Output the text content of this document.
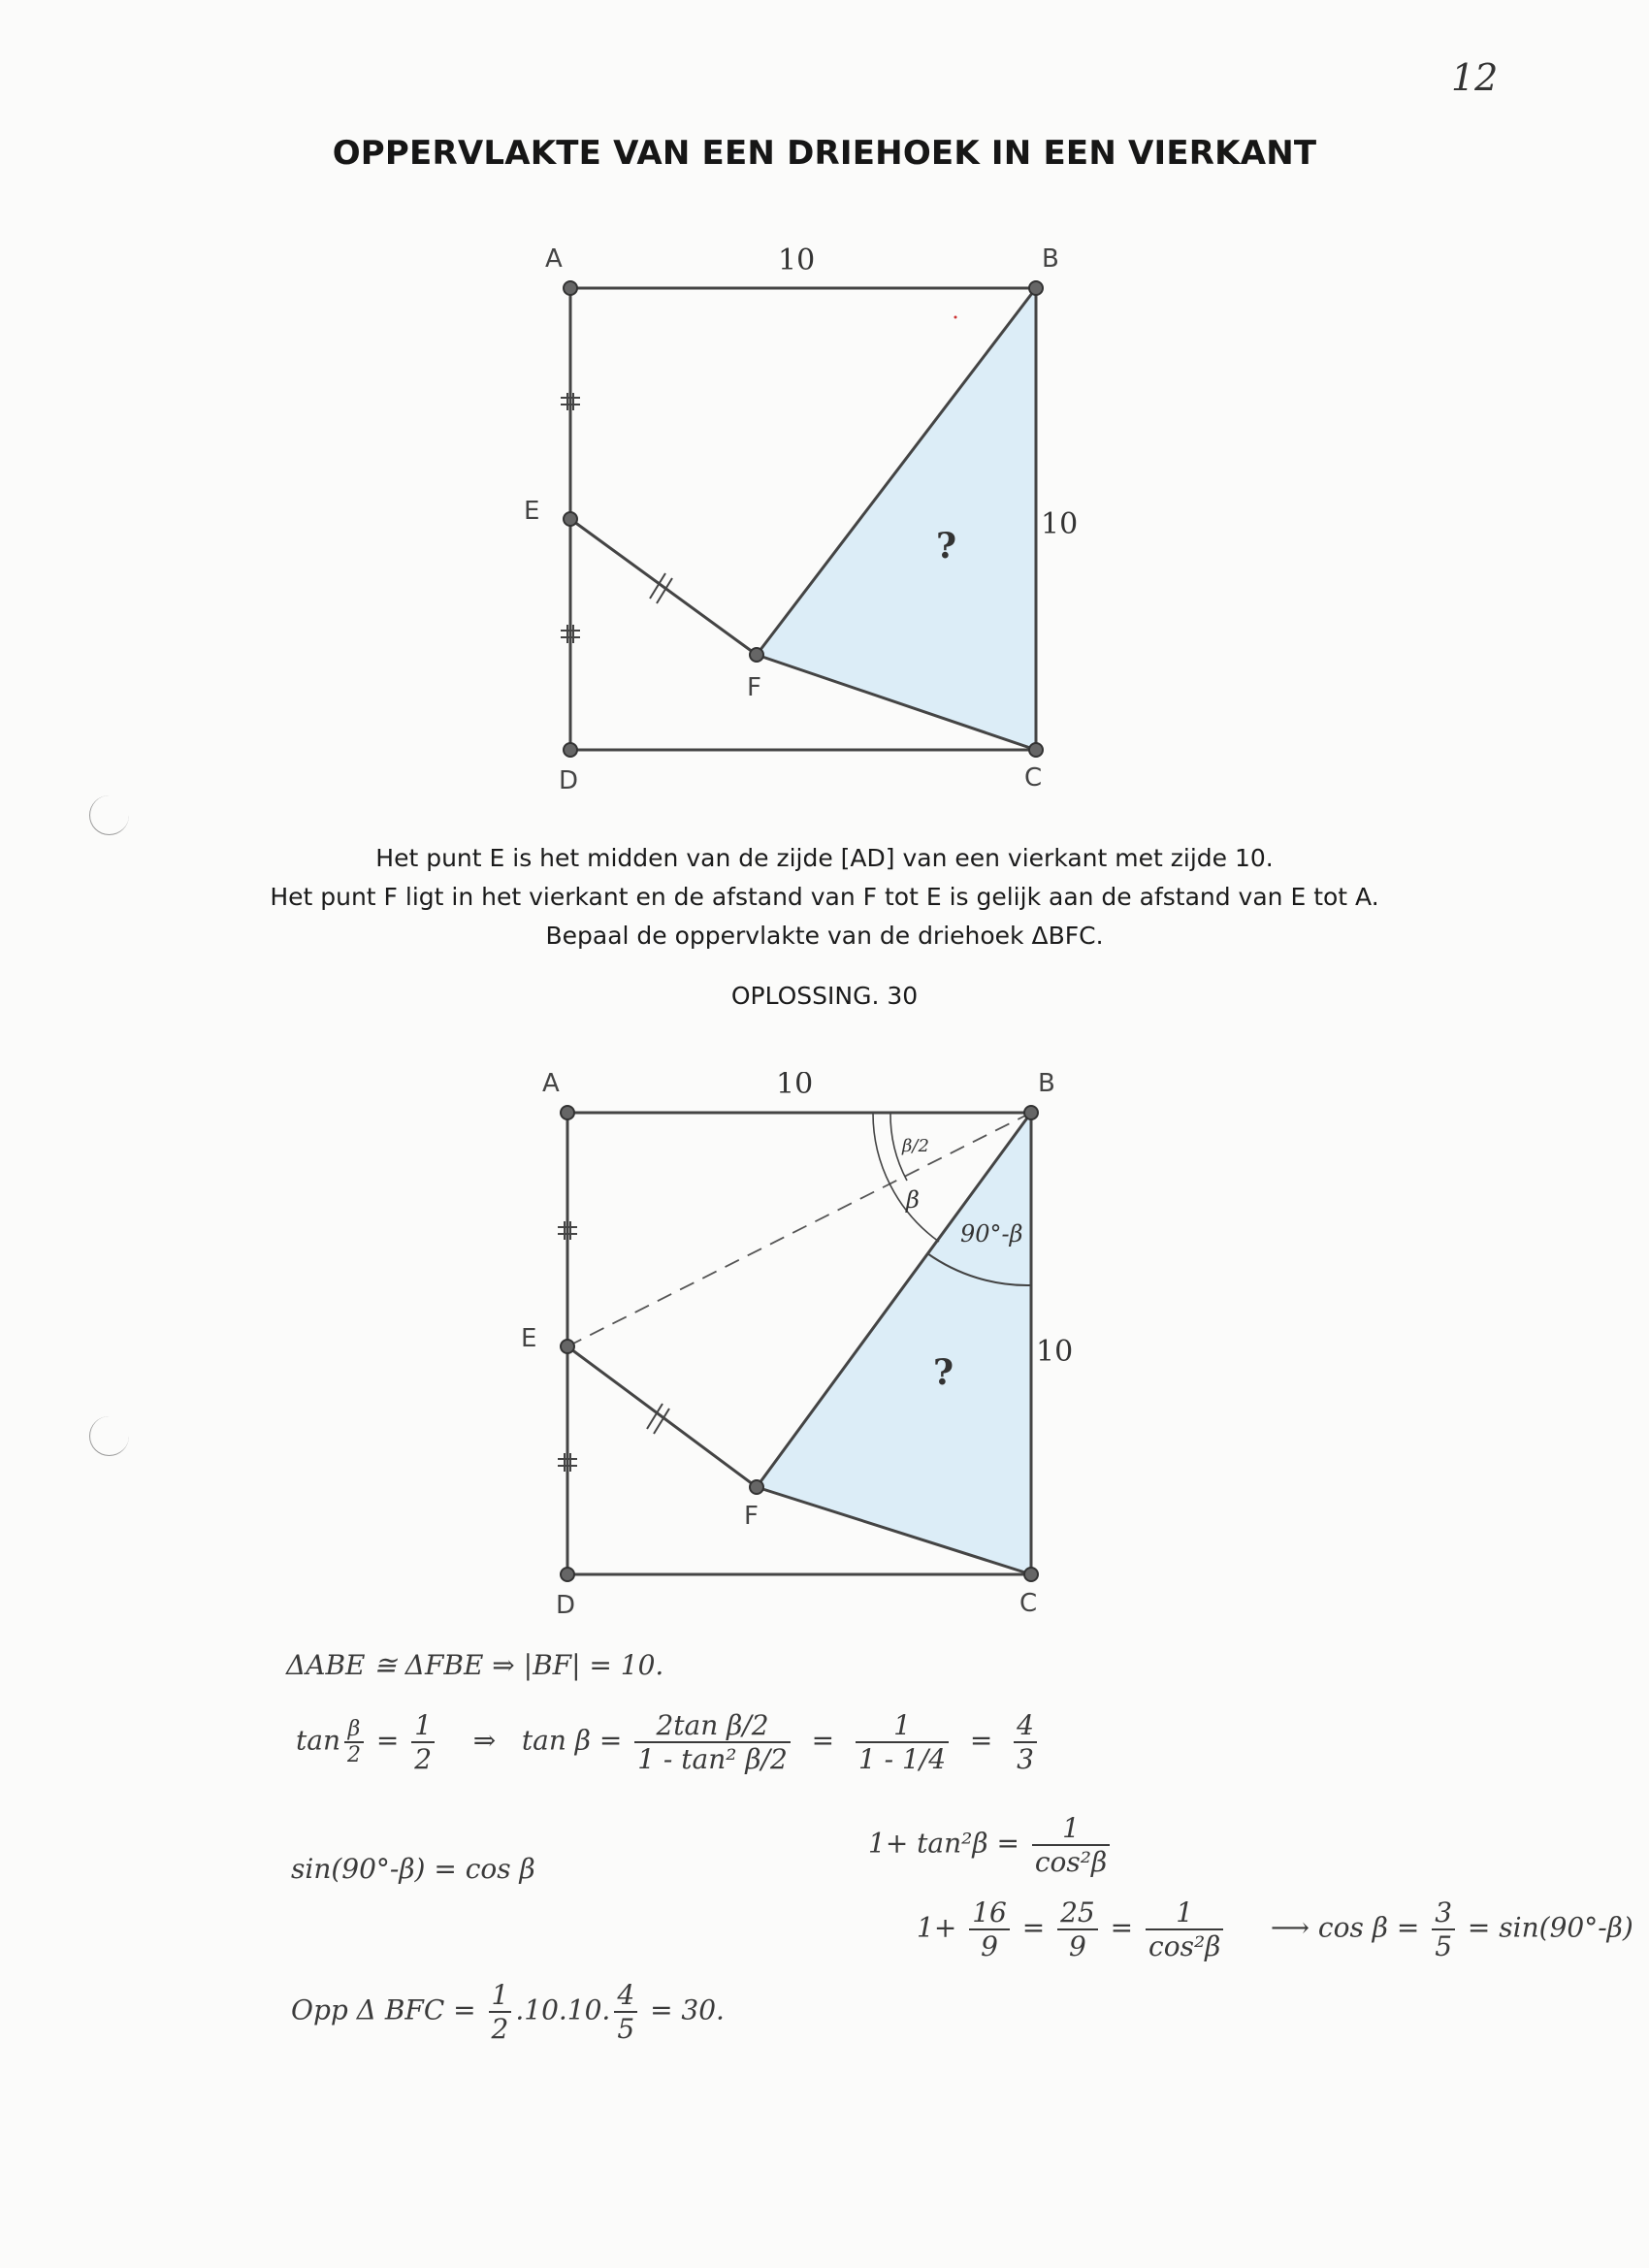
12
OPPERVLAKTE VAN EEN DRIEHOEK IN EEN VIERKANT
A	B
C
D
E
F
10
10
?
Het punt E is het midden van de zijde [AD] van een vierkant met zijde 10.
Het punt F ligt in het vierkant en de afstand van F tot E is gelijk aan de afstand van E tot A.
Bepaal de oppervlakte van de driehoek ΔBFC.
OPLOSSING. 30
A	B
C
D
E
F
10
10
?
β/2
β
90°-β
ΔABE ≅ ΔFBE ⇒ |BF| = 10.
$\tan \frac{\beta}{2} = \frac{1}{2}$ ⇒ $\tan \beta = \frac{\text{2tan β/2}}{\text{1 - tan² β/2}} = \frac{1}{1 - 1/4} = \frac{4}{3}$
sin(90°-β) = cos β
$1+ \tan^2\beta = \frac{1}{\text{cos²β}}$
$1+ \frac{16}{9} = \frac{25}{9} = \frac{1}{\text{cos²β}}$ ⟶ $\cos \beta = \frac{3}{5} = \sin(90^\circ-\beta)$
Opp Δ BFC = $\frac{1}{2} .10.10$. $\frac{4}{5} = 30$.
